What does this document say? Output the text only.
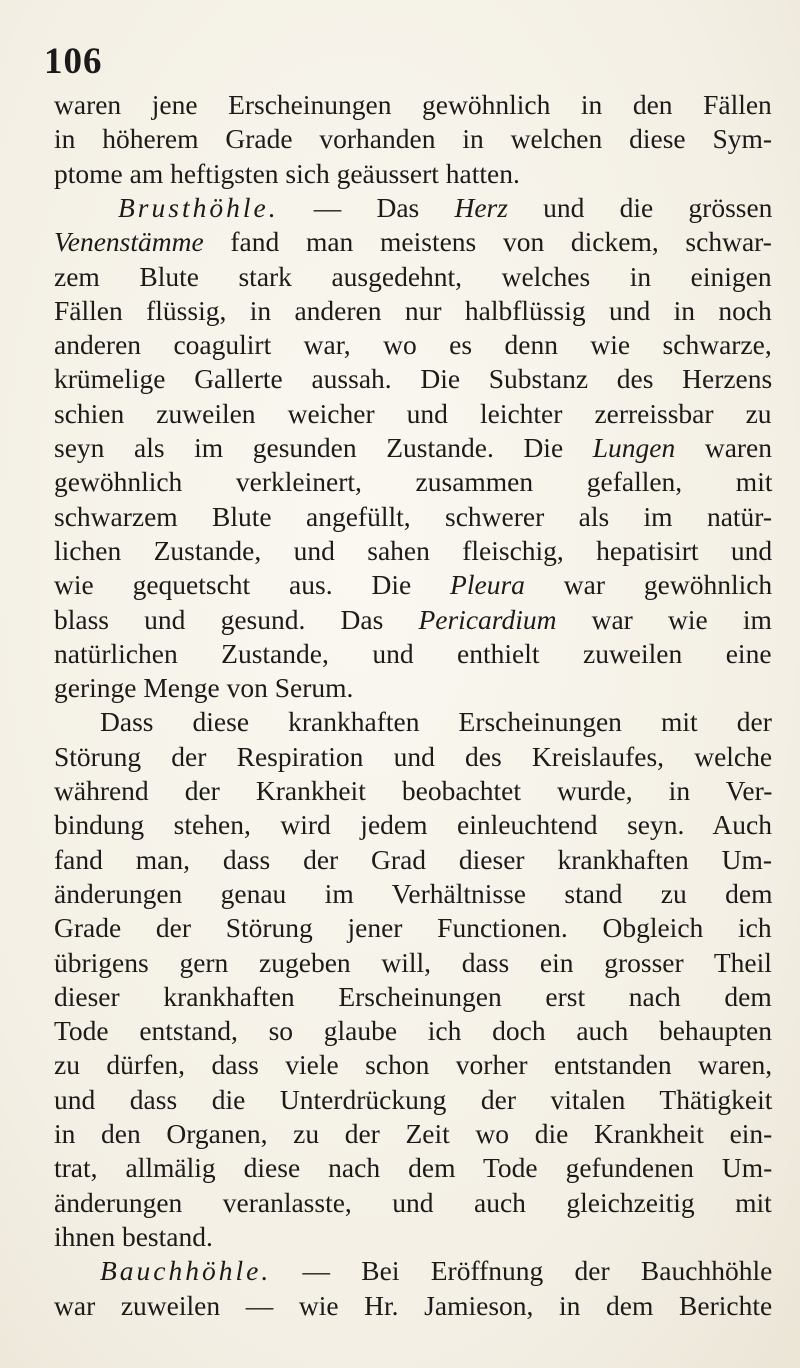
106
waren jene Erscheinungen gewöhnlich in den Fällen
in höherem Grade vorhanden in welchen diese Sym-
ptome am heftigsten sich geäussert hatten.
Brusthöhle. — Das Herz und die grössen
Venenstämme fand man meistens von dickem, schwar-
zem Blute stark ausgedehnt, welches in einigen
Fällen flüssig, in anderen nur halbflüssig und in noch
anderen coagulirt war, wo es denn wie schwarze,
krümelige Gallerte aussah. Die Substanz des Herzens
schien zuweilen weicher und leichter zerreissbar zu
seyn als im gesunden Zustande. Die Lungen waren
gewöhnlich verkleinert, zusammen gefallen, mit
schwarzem Blute angefüllt, schwerer als im natür-
lichen Zustande, und sahen fleischig, hepatisirt und
wie gequetscht aus. Die Pleura war gewöhnlich
blass und gesund. Das Pericardium war wie im
natürlichen Zustande, und enthielt zuweilen eine
geringe Menge von Serum.
Dass diese krankhaften Erscheinungen mit der
Störung der Respiration und des Kreislaufes, welche
während der Krankheit beobachtet wurde, in Ver-
bindung stehen, wird jedem einleuchtend seyn. Auch
fand man, dass der Grad dieser krankhaften Um-
änderungen genau im Verhältnisse stand zu dem
Grade der Störung jener Functionen. Obgleich ich
übrigens gern zugeben will, dass ein grosser Theil
dieser krankhaften Erscheinungen erst nach dem
Tode entstand, so glaube ich doch auch behaupten
zu dürfen, dass viele schon vorher entstanden waren,
und dass die Unterdrückung der vitalen Thätigkeit
in den Organen, zu der Zeit wo die Krankheit ein-
trat, allmälig diese nach dem Tode gefundenen Um-
änderungen veranlasste, und auch gleichzeitig mit
ihnen bestand.
Bauchhöhle. — Bei Eröffnung der Bauchhöhle
war zuweilen — wie Hr. Jamieson, in dem Berichte
